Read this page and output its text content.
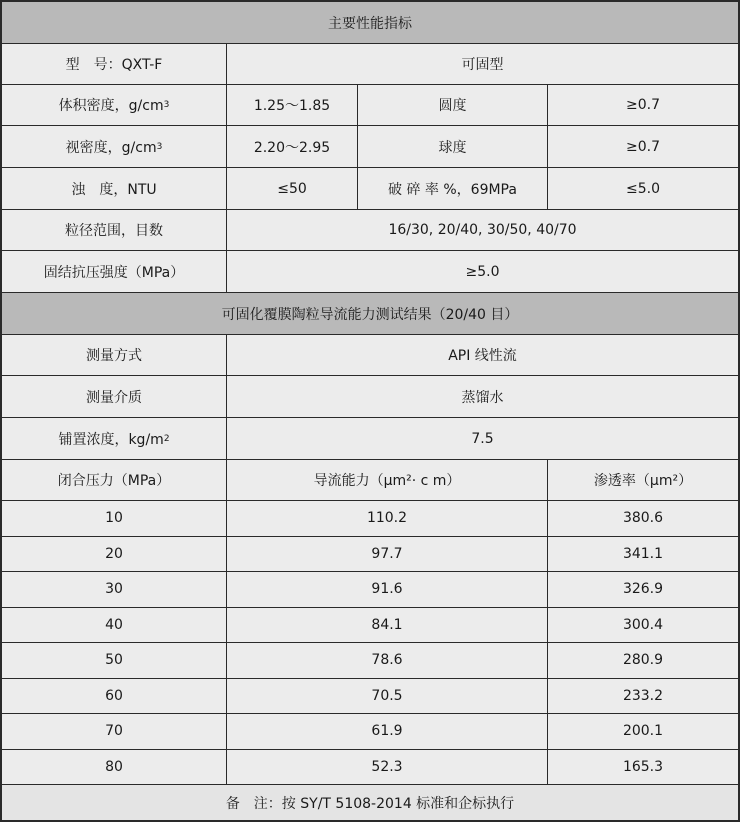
主要性能指标
型　号：QXT-F	可固型
体积密度，g/cm 3	1.25～1.85	圆度	≥0.7
视密度，g/cm 3	2.20～2.95	球度	≥0.7
浊　度，NTU	≤50	破 碎 率 %，69MPa	≤5.0
粒径范围，目数	16/30, 20/40, 30/50, 40/70
固结抗压强度（MPa）	≥5.0
可固化覆膜陶粒导流能力测试结果（20/40 目）
测量方式	API 线性流
测量介质	蒸馏水
铺置浓度，kg/m 2	7.5
闭合压力（MPa）	导流能力（μm²· c m）	渗透率（μm²）
10	110.2	380.6
20	97.7	341.1
30	91.6	326.9
40	84.1	300.4
50	78.6	280.9
60	70.5	233.2
70	61.9	200.1
80	52.3	165.3
备　注：按 SY/T 5108-2014 标准和企标执行
